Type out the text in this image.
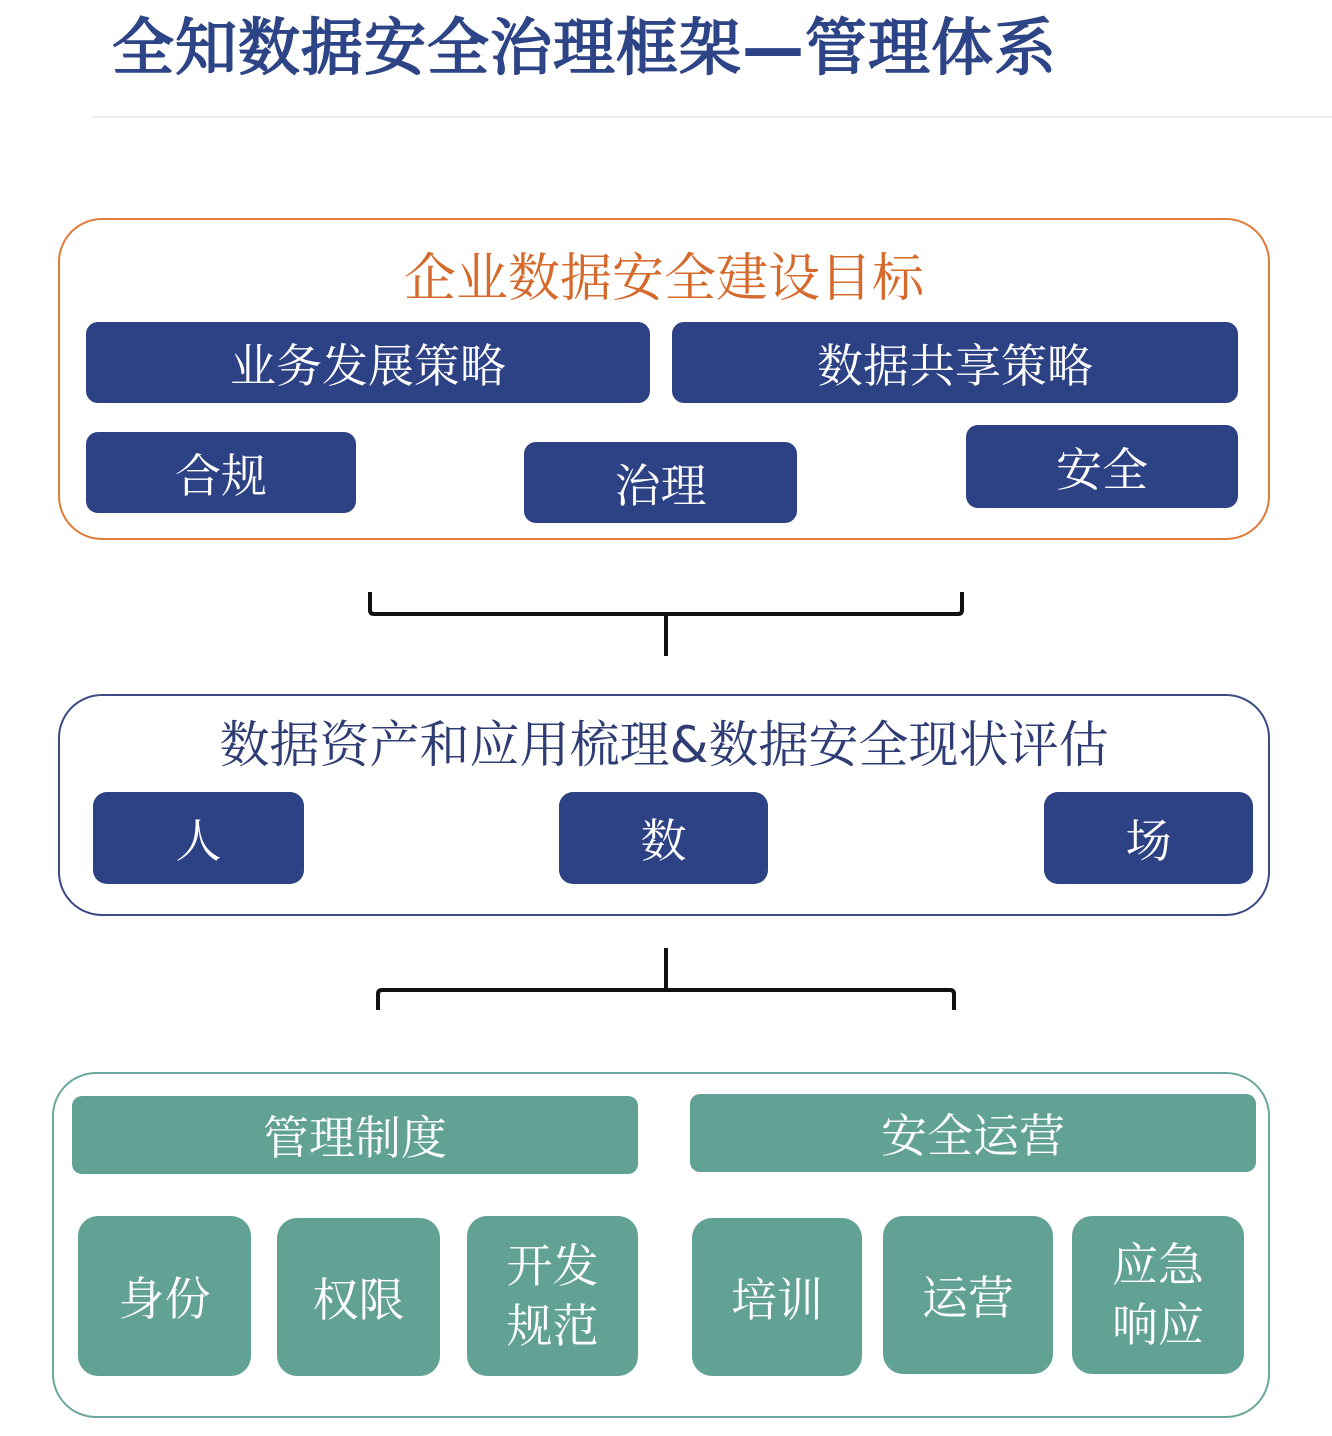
全知数据安全治理框架—管理体系
企业数据安全建设目标
业务发展策略	数据共享策略
合规	治理	安全
数据资产和应用梳理&数据安全现状评估
人	数	场
管理制度	安全运营
身份	权限
开发
规范	培训	运营
应急
响应
